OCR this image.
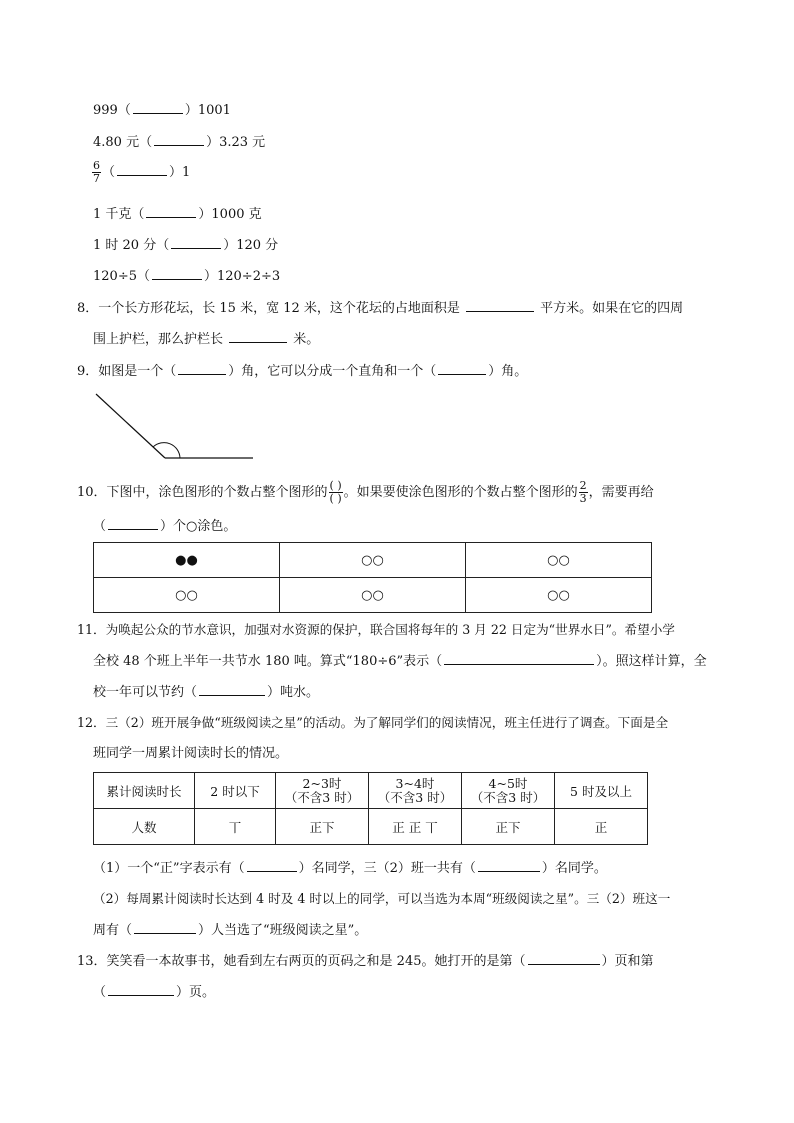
999（	）1001
4.80 元（	）3.23 元
$\frac{6}{7}$ （	）1
1 千克（	）1000 克
1 时 20 分（	）120 分
120÷5（	）120÷2÷3
8．一个长方形花坛，长 15 米，宽 12 米，这个花坛的占地面积是	平方米。如果在它的四周
围上护栏，那么护栏长	米。
9．如图是一个（	）角，它可以分成一个直角和一个（	）角。
10．下图中，涂色图形的个数占整个图形的 $\frac{( )}{( )}$ 。如果要使涂色图形的个数占整个图形的 $\frac{2}{3}$ ，需要再给
（	）个○涂色。
●●	○○	○○
○○	○○	○○
11．为唤起公众的节水意识，加强对水资源的保护，联合国将每年的 3 月 22 日定为“世界水日”。希望小学
全校 48 个班上半年一共节水 180 吨。算式“180÷6”表示（	）。照这样计算，全
校一年可以节约（	）吨水。
12．三（2）班开展争做“班级阅读之星”的活动。为了解同学们的阅读情况，班主任进行了调查。下面是全
班同学一周累计阅读时长的情况。
累计阅读时长	2 时以下	2~3时
（不含3 时）	3~4时
（不含3 时）	4~5时
（不含3 时）	5 时及以上
人数	丅	正下	正 正 丅	正下	正
（1）一个“正”字表示有（	）名同学，三（2）班一共有（	）名同学。
（2）每周累计阅读时长达到 4 时及 4 时以上的同学，可以当选为本周“班级阅读之星”。三（2）班这一
周有（	）人当选了“班级阅读之星”。
13．笑笑看一本故事书，她看到左右两页的页码之和是 245。她打开的是第（	）页和第
（	）页。
